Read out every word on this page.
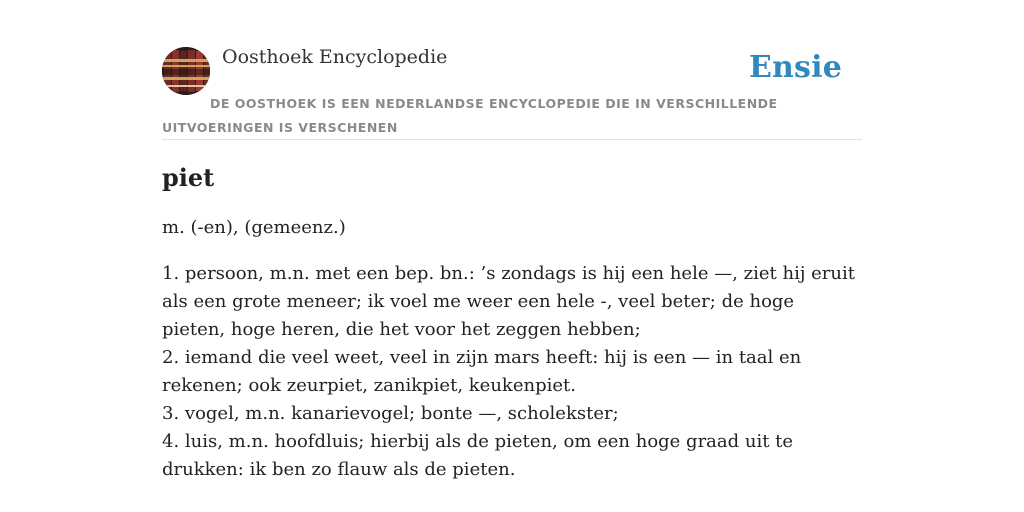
Oosthoek Encyclopedie	Ensie
DE OOSTHOEK IS EEN NEDERLANDSE ENCYCLOPEDIE DIE IN VERSCHILLENDE UITVOERINGEN IS VERSCHENEN
piet
m. (-en), (gemeenz.)
1. persoon, m.n. met een bep. bn.: ’s zondags is hij een hele —, ziet hij eruit als een grote meneer; ik voel me weer een hele -, veel beter; de hoge pieten, hoge heren, die het voor het zeggen hebben;
2. iemand die veel weet, veel in zijn mars heeft: hij is een — in taal en rekenen; ook zeurpiet, zanikpiet, keukenpiet.
3. vogel, m.n. kanarievogel; bonte —, scholekster;
4. luis, m.n. hoofdluis; hierbij als de pieten, om een hoge graad uit te drukken: ik ben zo flauw als de pieten.
